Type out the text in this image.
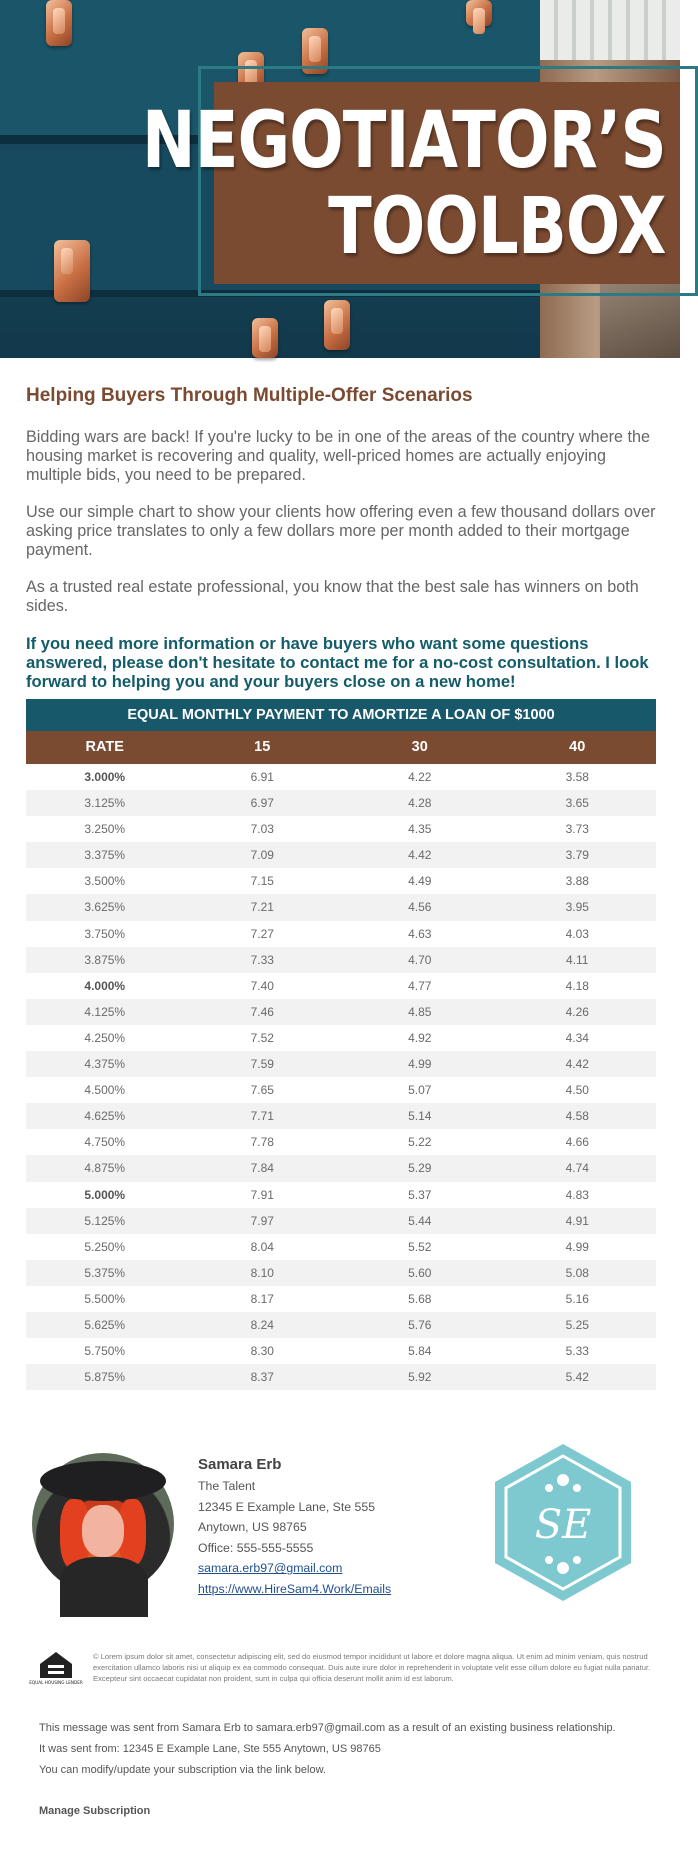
NEGOTIATOR’S
TOOLBOX
Helping Buyers Through Multiple-Offer Scenarios

Bidding wars are back! If you're lucky to be in one of the areas of the country where the housing market is recovering and quality, well-priced homes are actually enjoying multiple bids, you need to be prepared.

Use our simple chart to show your clients how offering even a few thousand dollars over asking price translates to only a few dollars more per month added to their mortgage payment.

As a trusted real estate professional, you know that the best sale has winners on both sides.

If you need more information or have buyers who want some questions answered, please don't hesitate to contact me for a no-cost consultation. I look forward to helping you and your buyers close on a new home!

EQUAL MONTHLY PAYMENT TO AMORTIZE A LOAN OF $1000
RATE	15	30	40
3.000%	6.91	4.22	3.58
3.125%	6.97	4.28	3.65
3.250%	7.03	4.35	3.73
3.375%	7.09	4.42	3.79
3.500%	7.15	4.49	3.88
3.625%	7.21	4.56	3.95
3.750%	7.27	4.63	4.03
3.875%	7.33	4.70	4.11
4.000%	7.40	4.77	4.18
4.125%	7.46	4.85	4.26
4.250%	7.52	4.92	4.34
4.375%	7.59	4.99	4.42
4.500%	7.65	5.07	4.50
4.625%	7.71	5.14	4.58
4.750%	7.78	5.22	4.66
4.875%	7.84	5.29	4.74
5.000%	7.91	5.37	4.83
5.125%	7.97	5.44	4.91
5.250%	8.04	5.52	4.99
5.375%	8.10	5.60	5.08
5.500%	8.17	5.68	5.16
5.625%	8.24	5.76	5.25
5.750%	8.30	5.84	5.33
5.875%	8.37	5.92	5.42
Samara Erb
The Talent
12345 E Example Lane, Ste 555
Anytown, US 98765
Office: 555-555-5555
samara.erb97@gmail.com
https://www.HireSam4.Work/Emails
SE
EQUAL HOUSING LENDER
© Lorem ipsum dolor sit amet, consectetur adipiscing elit, sed do eiusmod tempor incididunt ut labore et dolore magna aliqua. Ut enim ad minim veniam, quis nostrud exercitation ullamco laboris nisi ut aliquip ex ea commodo consequat. Duis aute irure dolor in reprehenderit in voluptate velit esse cillum dolore eu fugiat nulla pariatur. Excepteur sint occaecat cupidatat non proident, sunt in culpa qui officia deserunt mollit anim id est laborum.
This message was sent from Samara Erb to samara.erb97@gmail.com as a result of an existing business relationship.
It was sent from: 12345 E Example Lane, Ste 555 Anytown, US 98765
You can modify/update your subscription via the link below.
Manage Subscription
